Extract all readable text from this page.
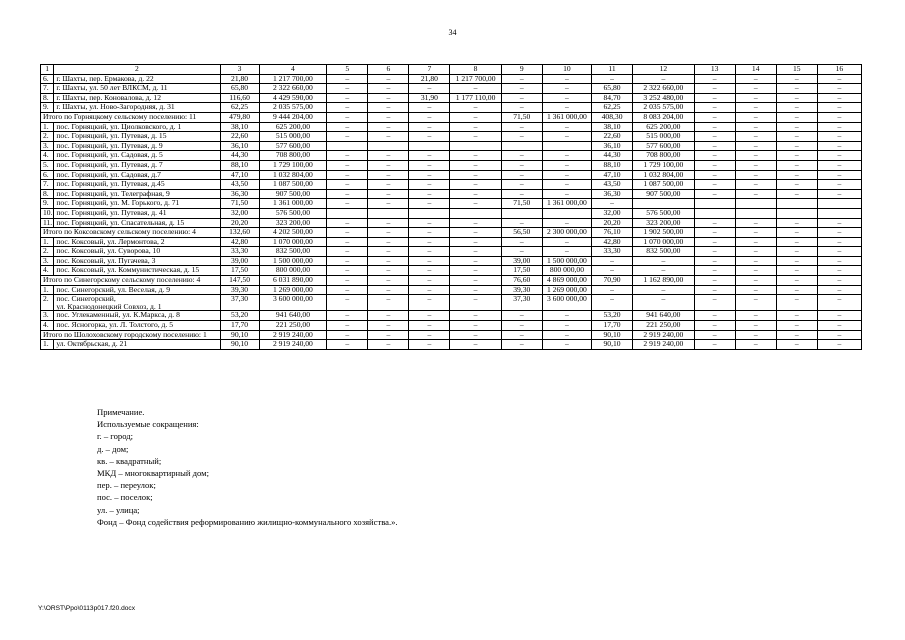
34
1	2	3	4	5	6	7	8	9	10	11	12	13	14	15	16
6.	г. Шахты, пер. Ермакова, д. 22	21,80	1 217 700,00	–	–	21,80	1 217 700,00	–	–	–	–	–	–	–	–
7.	г. Шахты, ул. 50 лет ВЛКСМ, д. 11	65,80	2 322 660,00	–	–	–	–	–	–	65,80	2 322 660,00	–	–	–	–
8.	г. Шахты, пер. Коновалова, д. 12	116,60	4 429 590,00	–	–	31,90	1 177 110,00	–	–	84,70	3 252 480,00	–	–	–	–
9.	г. Шахты, ул. Ново-Загородняя, д. 31	62,25	2 035 575,00	–	–	–	–	–	–	62,25	2 035 575,00	–	–	–	–
Итого по Горняцкому сельскому поселению: 11		479,80	9 444 204,00	–	–	–	–	71,50	1 361 000,00	408,30	8 083 204,00	–	–	–	–
1.	пос. Горняцкий, ул. Циолковского, д. 1	38,10	625 200,00	–	–	–	–	–	–	38,10	625 200,00	–	–	–	–
2.	пос. Горняцкий, ул. Путевая, д. 15	22,60	515 000,00	–	–	–	–	–	–	22,60	515 000,00	–	–	–	–
3.	пос. Горняцкий, ул. Путевая, д. 9	36,10	577 600,00							36,10	577 600,00	–	–	–	–
4.	пос. Горняцкий, ул. Садовая, д. 5	44,30	708 800,00	–	–	–	–	–	–	44,30	708 800,00	–	–	–	–
5.	пос. Горняцкий, ул. Путевая, д. 7	88,10	1 729 100,00	–	–	–	–	–	–	88,10	1 729 100,00	–	–	–	–
6.	пос. Горняцкий, ул. Садовая, д.7	47,10	1 032 804,00	–	–	–	–	–	–	47,10	1 032 804,00	–	–	–	–
7.	пос. Горняцкий, ул. Путевая, д.45	43,50	1 087 500,00	–	–	–	–	–	–	43,50	1 087 500,00	–	–	–	–
8.	пос. Горняцкий, ул. Телеграфная, 9	36,30	907 500,00	–	–	–	–	–	–	36,30	907 500,00	–	–	–	–
9.	пос. Горняцкий, ул. М. Горького, д. 71	71,50	1 361 000,00	–	–	–	–	71,50	1 361 000,00	–					
10.	пос. Горняцкий, ул. Путевая, д. 41	32,00	576 500,00							32,00	576 500,00				
11.	пос. Горняцкий, ул. Спасательная, д. 15	20,20	323 200,00	–	–	–	–	–	–	20,20	323 200,00	–	–	–	–
Итого по Коксовскому сельскому поселению: 4		132,60	4 202 500,00	–	–	–	–	56,50	2 300 000,00	76,10	1 902 500,00	–	–	–	–
1.	пос. Коксовый, ул. Лермонтова, 2	42,80	1 070 000,00	–	–	–	–	–	–	42,80	1 070 000,00	–	–	–	–
2.	пос. Коксовый, ул. Суворова, 10	33,30	832 500,00	–	–	–	–	–	–	33,30	832 500,00	–	–	–	–
3.	пос. Коксовый, ул. Пугачева, 3	39,00	1 500 000,00	–	–	–	–	39,00	1 500 000,00	–	–	–	–	–	–
4.	пос. Коксовый, ул. Коммунистическая, д. 15	17,50	800 000,00	–	–	–	–	17,50	800 000,00	–	–	–	–	–	–
Итого по Синегорскому сельскому поселению: 4		147,50	6 031 890,00	–	–	–	–	76,60	4 869 000,00	70,90	1 162 890,00	–	–	–	–
1.	пос. Синегорский, ул. Веселая, д. 9	39,30	1 269 000,00	–	–	–	–	39,30	1 269 000,00	–	–	–	–	–	–
2.	пос. Синегорский,
ул. Краснодонецкий Совхоз, д. 1	37,30	3 600 000,00	–	–	–	–	37,30	3 600 000,00	–	–	–	–	–	–
3.	пос. Углекаменный, ул. К.Маркса, д. 8	53,20	941 640,00	–	–	–	–	–	–	53,20	941 640,00	–	–	–	–
4.	пос. Ясногорка, ул. Л. Толстого, д. 5	17,70	221 250,00	–	–	–	–	–	–	17,70	221 250,00	–	–	–	–
Итого по Шолоховскому городскому поселению: 1		90,10	2 919 240,00	–	–	–	–	–	–	90,10	2 919 240,00	–	–	–	–
1.	ул. Октябрьская, д. 21	90,10	2 919 240,00	–	–	–	–	–	–	90,10	2 919 240,00	–	–	–	–
Примечание.
Используемые сокращения:
г. – город;
д. – дом;
кв. – квадратный;
МКД – многоквартирный дом;
пер. – переулок;
пос. – поселок;
ул. – улица;
Фонд – Фонд содействия реформированию жилищно-коммунального хозяйства.».
Y:\ORST\Ppo\0113p017.f20.docx
